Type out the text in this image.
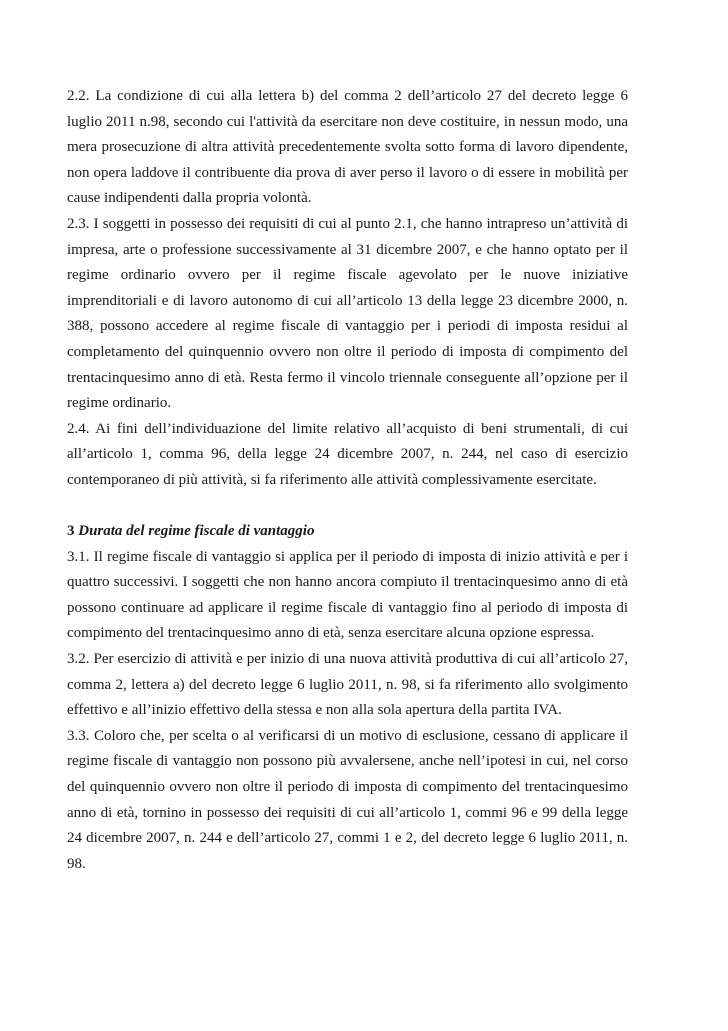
2.2. La condizione di cui alla lettera b) del comma 2 dell’articolo 27 del decreto legge 6 luglio 2011 n.98, secondo cui l'attività da esercitare non deve costituire, in nessun modo, una mera prosecuzione di altra attività precedentemente svolta sotto forma di lavoro dipendente, non opera laddove il contribuente dia prova di aver perso il lavoro o di essere in mobilità per cause indipendenti dalla propria volontà.

2.3. I soggetti in possesso dei requisiti di cui al punto 2.1, che hanno intrapreso un’attività di impresa, arte o professione successivamente al 31 dicembre 2007, e che hanno optato per il regime ordinario ovvero per il regime fiscale agevolato per le nuove iniziative imprenditoriali e di lavoro autonomo di cui all’articolo 13 della legge 23 dicembre 2000, n. 388, possono accedere al regime fiscale di vantaggio per i periodi di imposta residui al completamento del quinquennio ovvero non oltre il periodo di imposta di compimento del trentacinquesimo anno di età. Resta fermo il vincolo triennale conseguente all’opzione per il regime ordinario.

2.4. Ai fini dell’individuazione del limite relativo all’acquisto di beni strumentali, di cui all’articolo 1, comma 96, della legge 24 dicembre 2007, n. 244, nel caso di esercizio contemporaneo di più attività, si fa riferimento alle attività complessivamente esercitate.

3 Durata del regime fiscale di vantaggio

3.1. Il regime fiscale di vantaggio si applica per il periodo di imposta di inizio attività e per i quattro successivi. I soggetti che non hanno ancora compiuto il trentacinquesimo anno di età possono continuare ad applicare il regime fiscale di vantaggio fino al periodo di imposta di compimento del trentacinquesimo anno di età, senza esercitare alcuna opzione espressa.

3.2. Per esercizio di attività e per inizio di una nuova attività produttiva di cui all’articolo 27, comma 2, lettera a) del decreto legge 6 luglio 2011, n. 98, si fa riferimento allo svolgimento effettivo e all’inizio effettivo della stessa e non alla sola apertura della partita IVA.

3.3. Coloro che, per scelta o al verificarsi di un motivo di esclusione, cessano di applicare il regime fiscale di vantaggio non possono più avvalersene, anche nell’ipotesi in cui, nel corso del quinquennio ovvero non oltre il periodo di imposta di compimento del trentacinquesimo anno di età, tornino in possesso dei requisiti di cui all’articolo 1, commi 96 e 99 della legge 24 dicembre 2007, n. 244 e dell’articolo 27, commi 1 e 2, del decreto legge 6 luglio 2011, n. 98.
